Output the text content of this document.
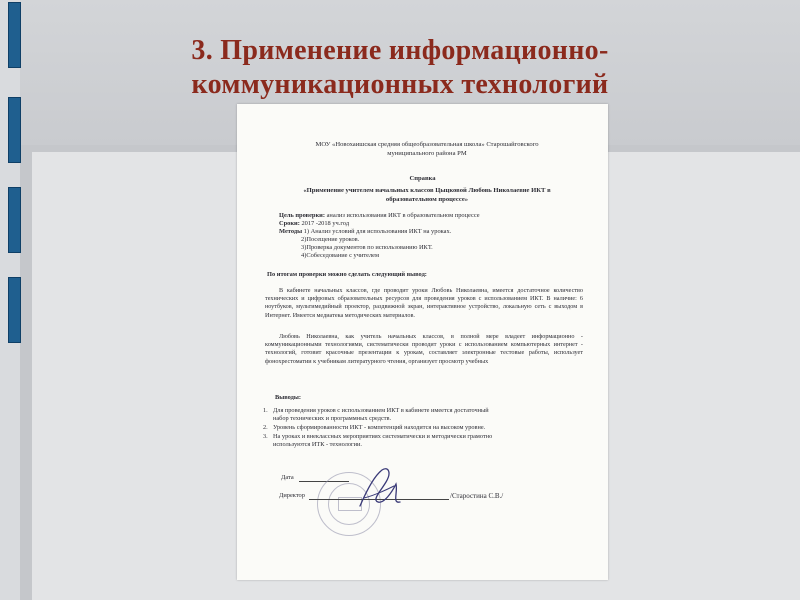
3. Применение информационно-
коммуникационных технологий

МОУ «Новохаишская средняя общеобразовательная школа» Старошайговского

муниципального района РМ

Справка

«Применение учителем начальных классов Цыцковой Любовь Николаевне ИКТ в

образовательном процессе»

Цель проверки: анализ использования ИКТ в образовательном процессе

Сроки: 2017 -2018 уч.год

Методы 1) Анализ условий для использования ИКТ на уроках.

2)Посещение уроков.

3)Проверка документов по использованию ИКТ.

4)Собеседование с учителем

По итогам проверки можно сделать следующий вывод:

В кабинете начальных классов, где проводит уроки Любовь Николаевна, имеется достаточное количество технических и цифровых образовательных ресурсов для проведения уроков с использованием ИКТ. В наличие: 6 ноутбуков, мультимедийный проектор, раздвижной экран, интерактивное устройство, локальную сеть с выходом в Интернет. Имеется медиатека методических материалов.

Любовь Николаевна, как учитель начальных классов, в полной мере владеет информационно - коммуникационными технологиями, систематически проводит уроки с использованием компьютерных интернет - технологий, готовит красочные презентации к урокам, составляет электронные тестовые работы, использует фонохрестоматии к учебникам литературного чтения, организует просмотр учебных

Выводы:

1. Для проведения уроков с использованием ИКТ в кабинете имеется достаточный
набор технических и программных средств.
2. Уровень сформированности ИКТ - компетенций находится на высоком уровне.
3. На уроках и внеклассных мероприятиях систематически и методически грамотно
используются ИТК - технологии.

Дата

Директор	/Старостина С.В./
